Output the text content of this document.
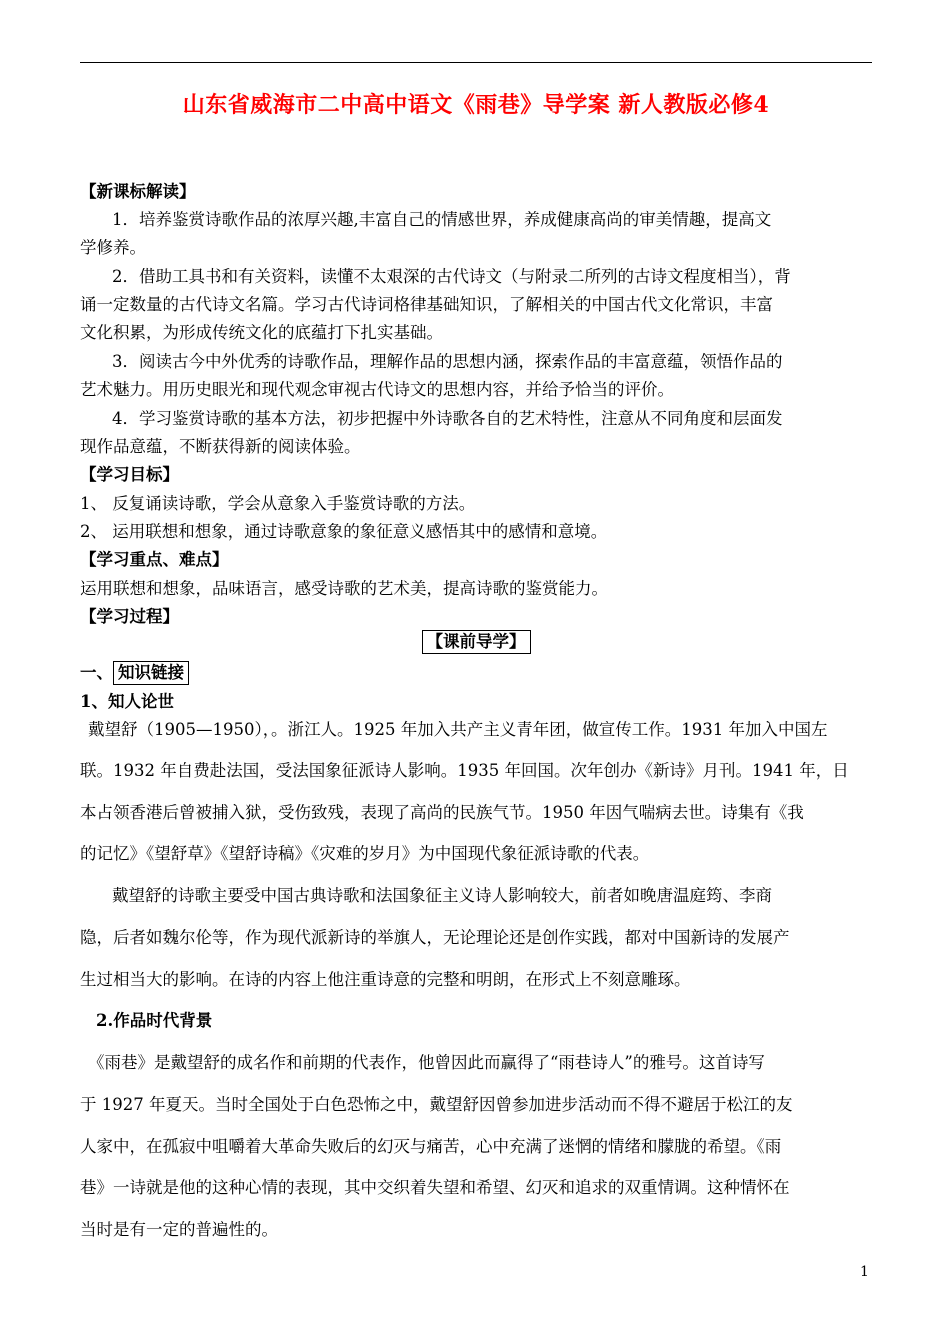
山东省威海市二中高中语文《雨巷》导学案 新人教版必修4
【新课标解读】
1．培养鉴赏诗歌作品的浓厚兴趣,丰富自己的情感世界，养成健康高尚的审美情趣，提高文
学修养。
2．借助工具书和有关资料，读懂不太艰深的古代诗文（与附录二所列的古诗文程度相当），背
诵一定数量的古代诗文名篇。学习古代诗词格律基础知识，了解相关的中国古代文化常识，丰富
文化积累，为形成传统文化的底蕴打下扎实基础。
3．阅读古今中外优秀的诗歌作品，理解作品的思想内涵，探索作品的丰富意蕴，领悟作品的
艺术魅力。用历史眼光和现代观念审视古代诗文的思想内容，并给予恰当的评价。
4．学习鉴赏诗歌的基本方法，初步把握中外诗歌各自的艺术特性，注意从不同角度和层面发
现作品意蕴，不断获得新的阅读体验。
【学习目标】
1、 反复诵读诗歌，学会从意象入手鉴赏诗歌的方法。
2、 运用联想和想象，通过诗歌意象的象征意义感悟其中的感情和意境。
【学习重点、难点】
运用联想和想象，品味语言，感受诗歌的艺术美，提高诗歌的鉴赏能力。
【学习过程】
【课前导学】
一、 知识链接
1、知人论世
戴望舒（1905—1950），。浙江人。1925 年加入共产主义青年团，做宣传工作。1931 年加入中国左
联。1932 年自费赴法国，受法国象征派诗人影响。1935 年回国。次年创办《新诗》月刊。1941 年，日
本占领香港后曾被捕入狱，受伤致残，表现了高尚的民族气节。1950 年因气喘病去世。诗集有《我
的记忆》《望舒草》《望舒诗稿》《灾难的岁月》为中国现代象征派诗歌的代表。
戴望舒的诗歌主要受中国古典诗歌和法国象征主义诗人影响较大，前者如晚唐温庭筠、李商
隐，后者如魏尔伦等，作为现代派新诗的举旗人，无论理论还是创作实践，都对中国新诗的发展产
生过相当大的影响。在诗的内容上他注重诗意的完整和明朗，在形式上不刻意雕琢。
2.作品时代背景
《雨巷》是戴望舒的成名作和前期的代表作，他曾因此而赢得了“雨巷诗人”的雅号。这首诗写
于 1927 年夏天。当时全国处于白色恐怖之中，戴望舒因曾参加进步活动而不得不避居于松江的友
人家中，在孤寂中咀嚼着大革命失败后的幻灭与痛苦，心中充满了迷惘的情绪和朦胧的希望。《雨
巷》一诗就是他的这种心情的表现，其中交织着失望和希望、幻灭和追求的双重情调。这种情怀在
当时是有一定的普遍性的。
1
